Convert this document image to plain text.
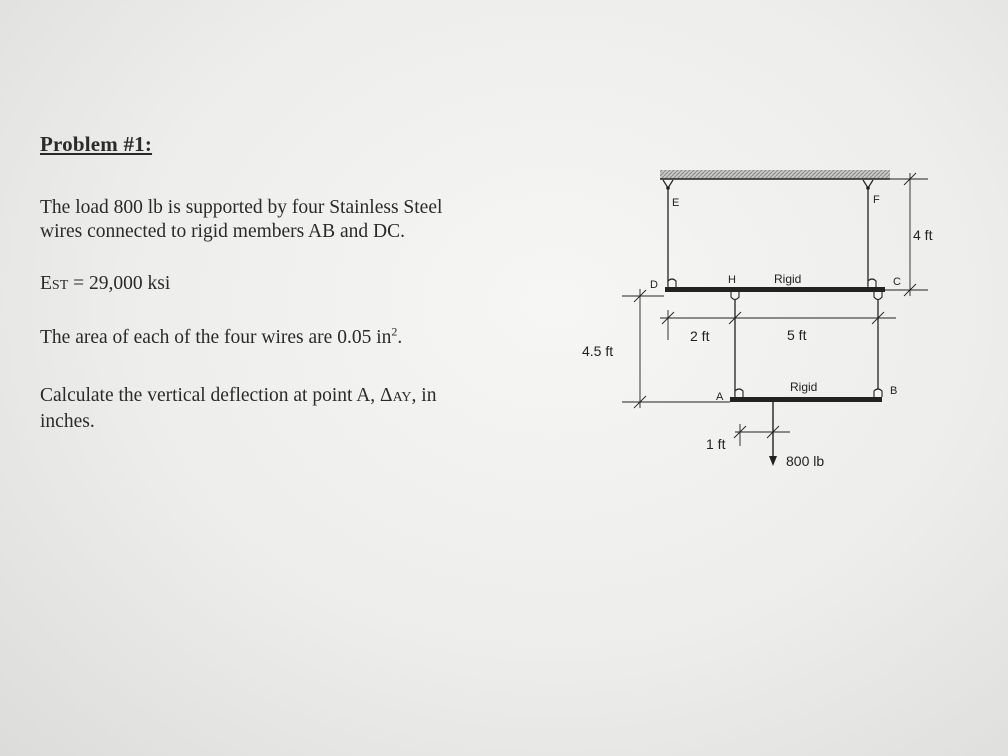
Problem #1:
The load 800 lb is supported by four Stainless Steel
wires connected to rigid members AB and DC.
EST = 29,000 ksi
The area of each of the four wires are 0.05 $in^2$.
Calculate the vertical deflection at point A, ΔAY, in
inches.
E	F
D	H	C
A	B
Rigid
Rigid
4 ft
4.5 ft
2 ft	5 ft
1 ft
800 lb
